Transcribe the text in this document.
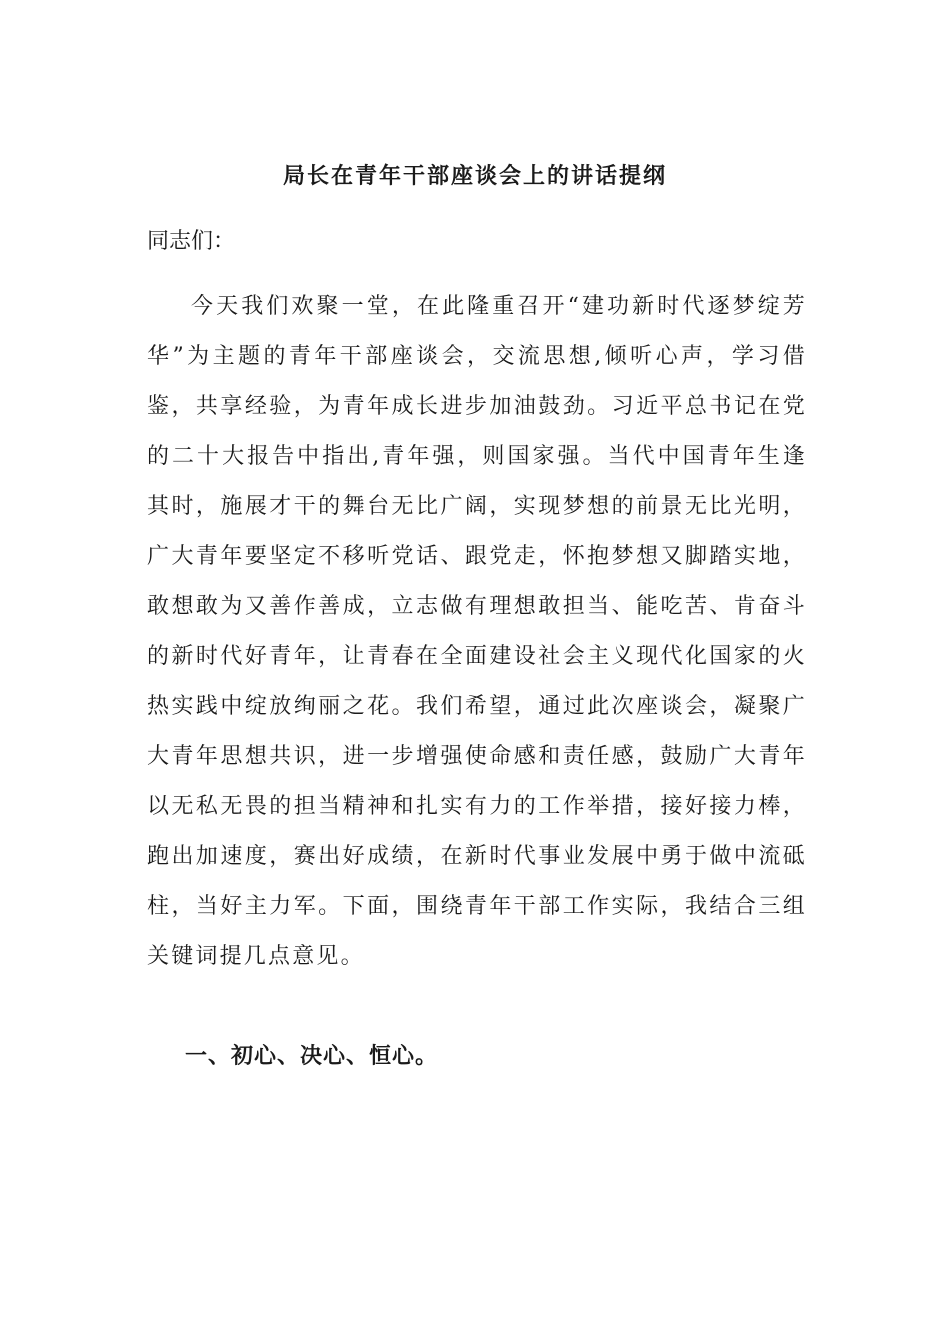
局长在青年干部座谈会上的讲话提纲

同志们：

今天我们欢聚一堂，在此隆重召开“建功新时代逐梦绽芳华”为主题的青年干部座谈会，交流思想,倾听心声，学习借鉴，共享经验，为青年成长进步加油鼓劲。习近平总书记在党的二十大报告中指出,青年强，则国家强。当代中国青年生逢其时，施展才干的舞台无比广阔，实现梦想的前景无比光明，广大青年要坚定不移听党话、跟党走，怀抱梦想又脚踏实地，敢想敢为又善作善成，立志做有理想敢担当、能吃苦、肯奋斗的新时代好青年，让青春在全面建设社会主义现代化国家的火热实践中绽放绚丽之花。我们希望，通过此次座谈会，凝聚广大青年思想共识，进一步增强使命感和责任感，鼓励广大青年以无私无畏的担当精神和扎实有力的工作举措，接好接力棒，跑出加速度，赛出好成绩，在新时代事业发展中勇于做中流砥柱，当好主力军。下面，围绕青年干部工作实际，我结合三组关键词提几点意见。

一、初心、决心、恒心。
